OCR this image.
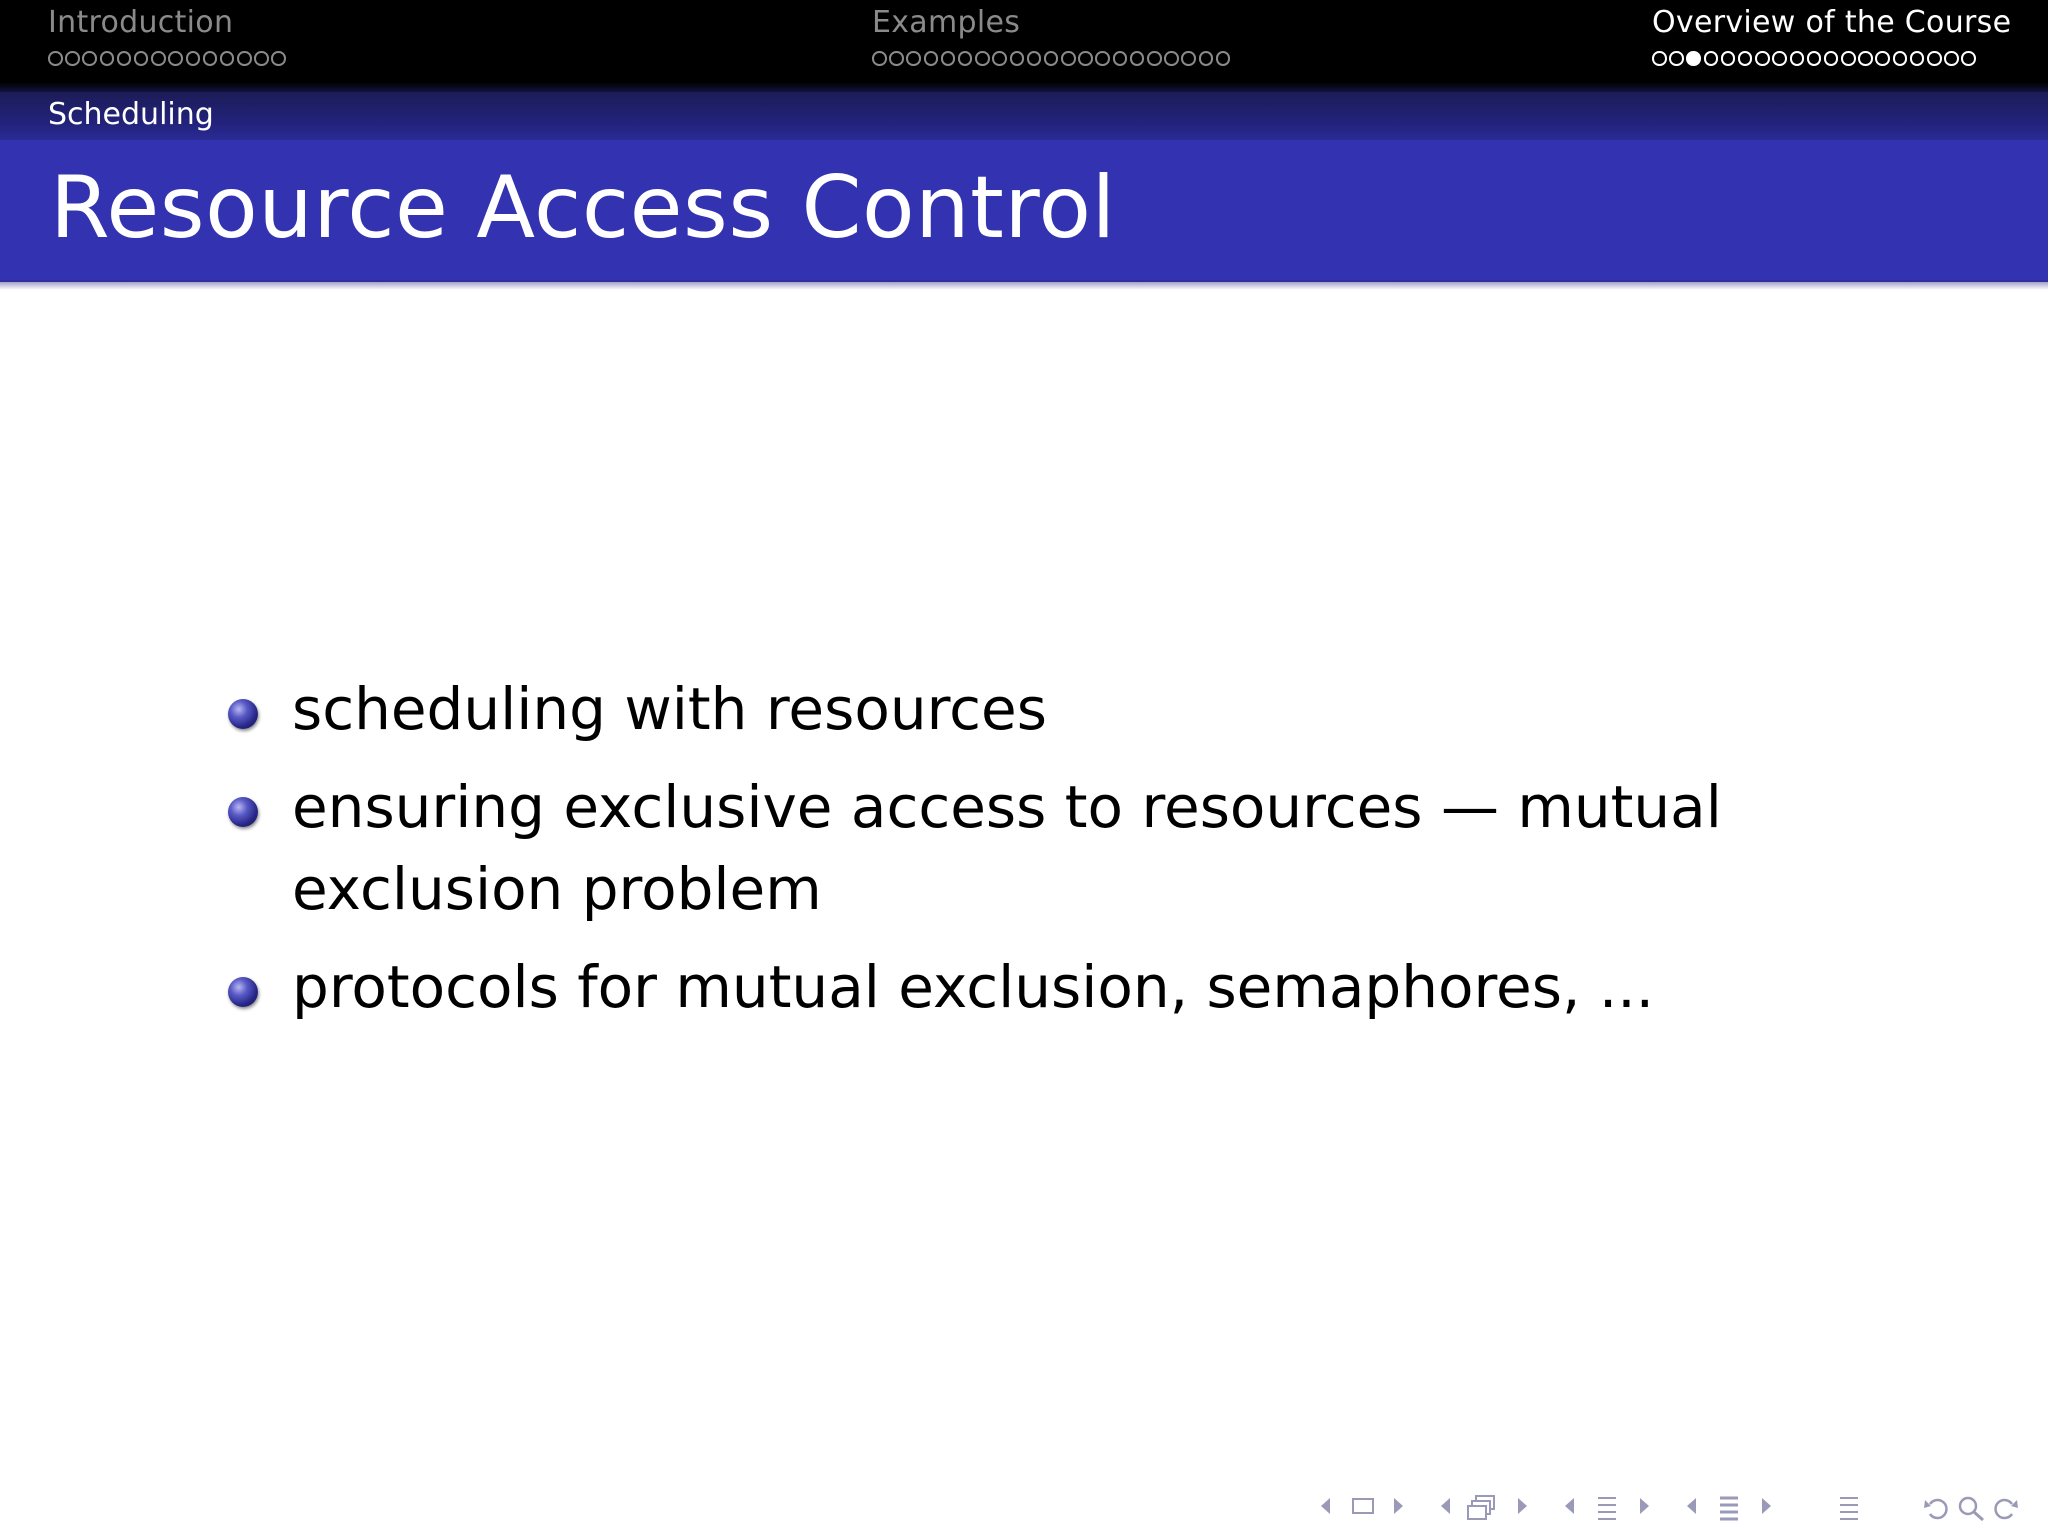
Introduction	Examples	Overview of the Course
Scheduling
Resource Access Control
scheduling with resources
ensuring exclusive access to resources — mutual exclusion problem
protocols for mutual exclusion, semaphores, ...
